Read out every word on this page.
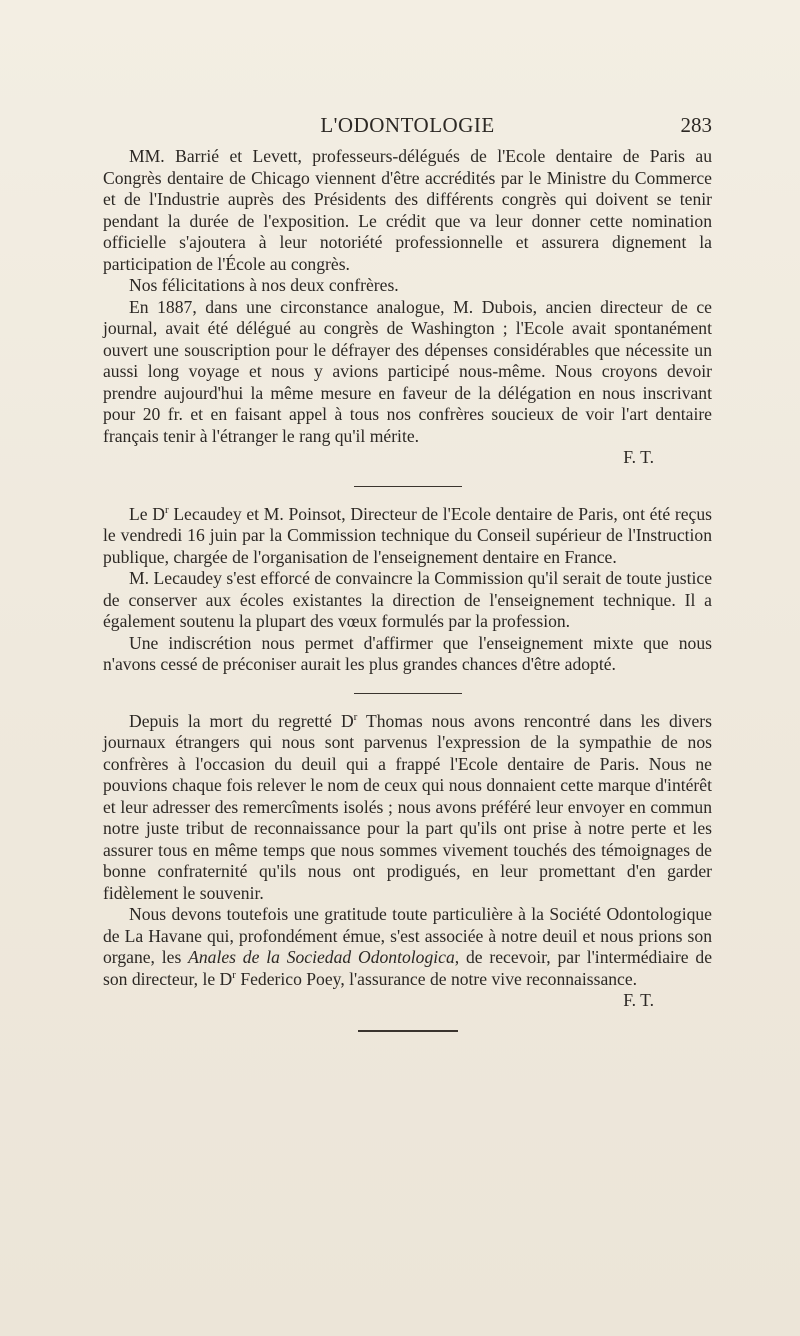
L'ODONTOLOGIE	283

MM. Barrié et Levett, professeurs-délégués de l'Ecole dentaire de Paris au Congrès dentaire de Chicago viennent d'être accrédités par le Ministre du Commerce et de l'Industrie auprès des Présidents des différents congrès qui doivent se tenir pendant la durée de l'exposition. Le crédit que va leur donner cette nomination officielle s'ajoutera à leur notoriété professionnelle et assurera dignement la participation de l'École au congrès.

Nos félicitations à nos deux confrères.

En 1887, dans une circonstance analogue, M. Dubois, ancien directeur de ce journal, avait été délégué au congrès de Washington ; l'Ecole avait spontanément ouvert une souscription pour le défrayer des dépenses considérables que nécessite un aussi long voyage et nous y avions participé nous-même. Nous croyons devoir prendre aujourd'hui la même mesure en faveur de la délégation en nous inscrivant pour 20 fr. et en faisant appel à tous nos confrères soucieux de voir l'art dentaire français tenir à l'étranger le rang qu'il mérite.

F. T.

Le $D^r$ Lecaudey et M. Poinsot, Directeur de l'Ecole dentaire de Paris, ont été reçus le vendredi 16 juin par la Commission technique du Conseil supérieur de l'Instruction publique, chargée de l'organisation de l'enseignement dentaire en France.

M. Lecaudey s'est efforcé de convaincre la Commission qu'il serait de toute justice de conserver aux écoles existantes la direction de l'enseignement technique. Il a également soutenu la plupart des vœux formulés par la profession.

Une indiscrétion nous permet d'affirmer que l'enseignement mixte que nous n'avons cessé de préconiser aurait les plus grandes chances d'être adopté.

Depuis la mort du regretté $D^r$ Thomas nous avons rencontré dans les divers journaux étrangers qui nous sont parvenus l'expression de la sympathie de nos confrères à l'occasion du deuil qui a frappé l'Ecole dentaire de Paris. Nous ne pouvions chaque fois relever le nom de ceux qui nous donnaient cette marque d'intérêt et leur adresser des remercîments isolés ; nous avons préféré leur envoyer en commun notre juste tribut de reconnaissance pour la part qu'ils ont prise à notre perte et les assurer tous en même temps que nous sommes vivement touchés des témoignages de bonne confraternité qu'ils nous ont prodigués, en leur promettant d'en garder fidèlement le souvenir.

Nous devons toutefois une gratitude toute particulière à la Société Odontologique de La Havane qui, profondément émue, s'est associée à notre deuil et nous prions son organe, les Anales de la Sociedad Odontologica, de recevoir, par l'intermédiaire de son directeur, le $D^r$ Federico Poey, l'assurance de notre vive reconnaissance.

F. T.
